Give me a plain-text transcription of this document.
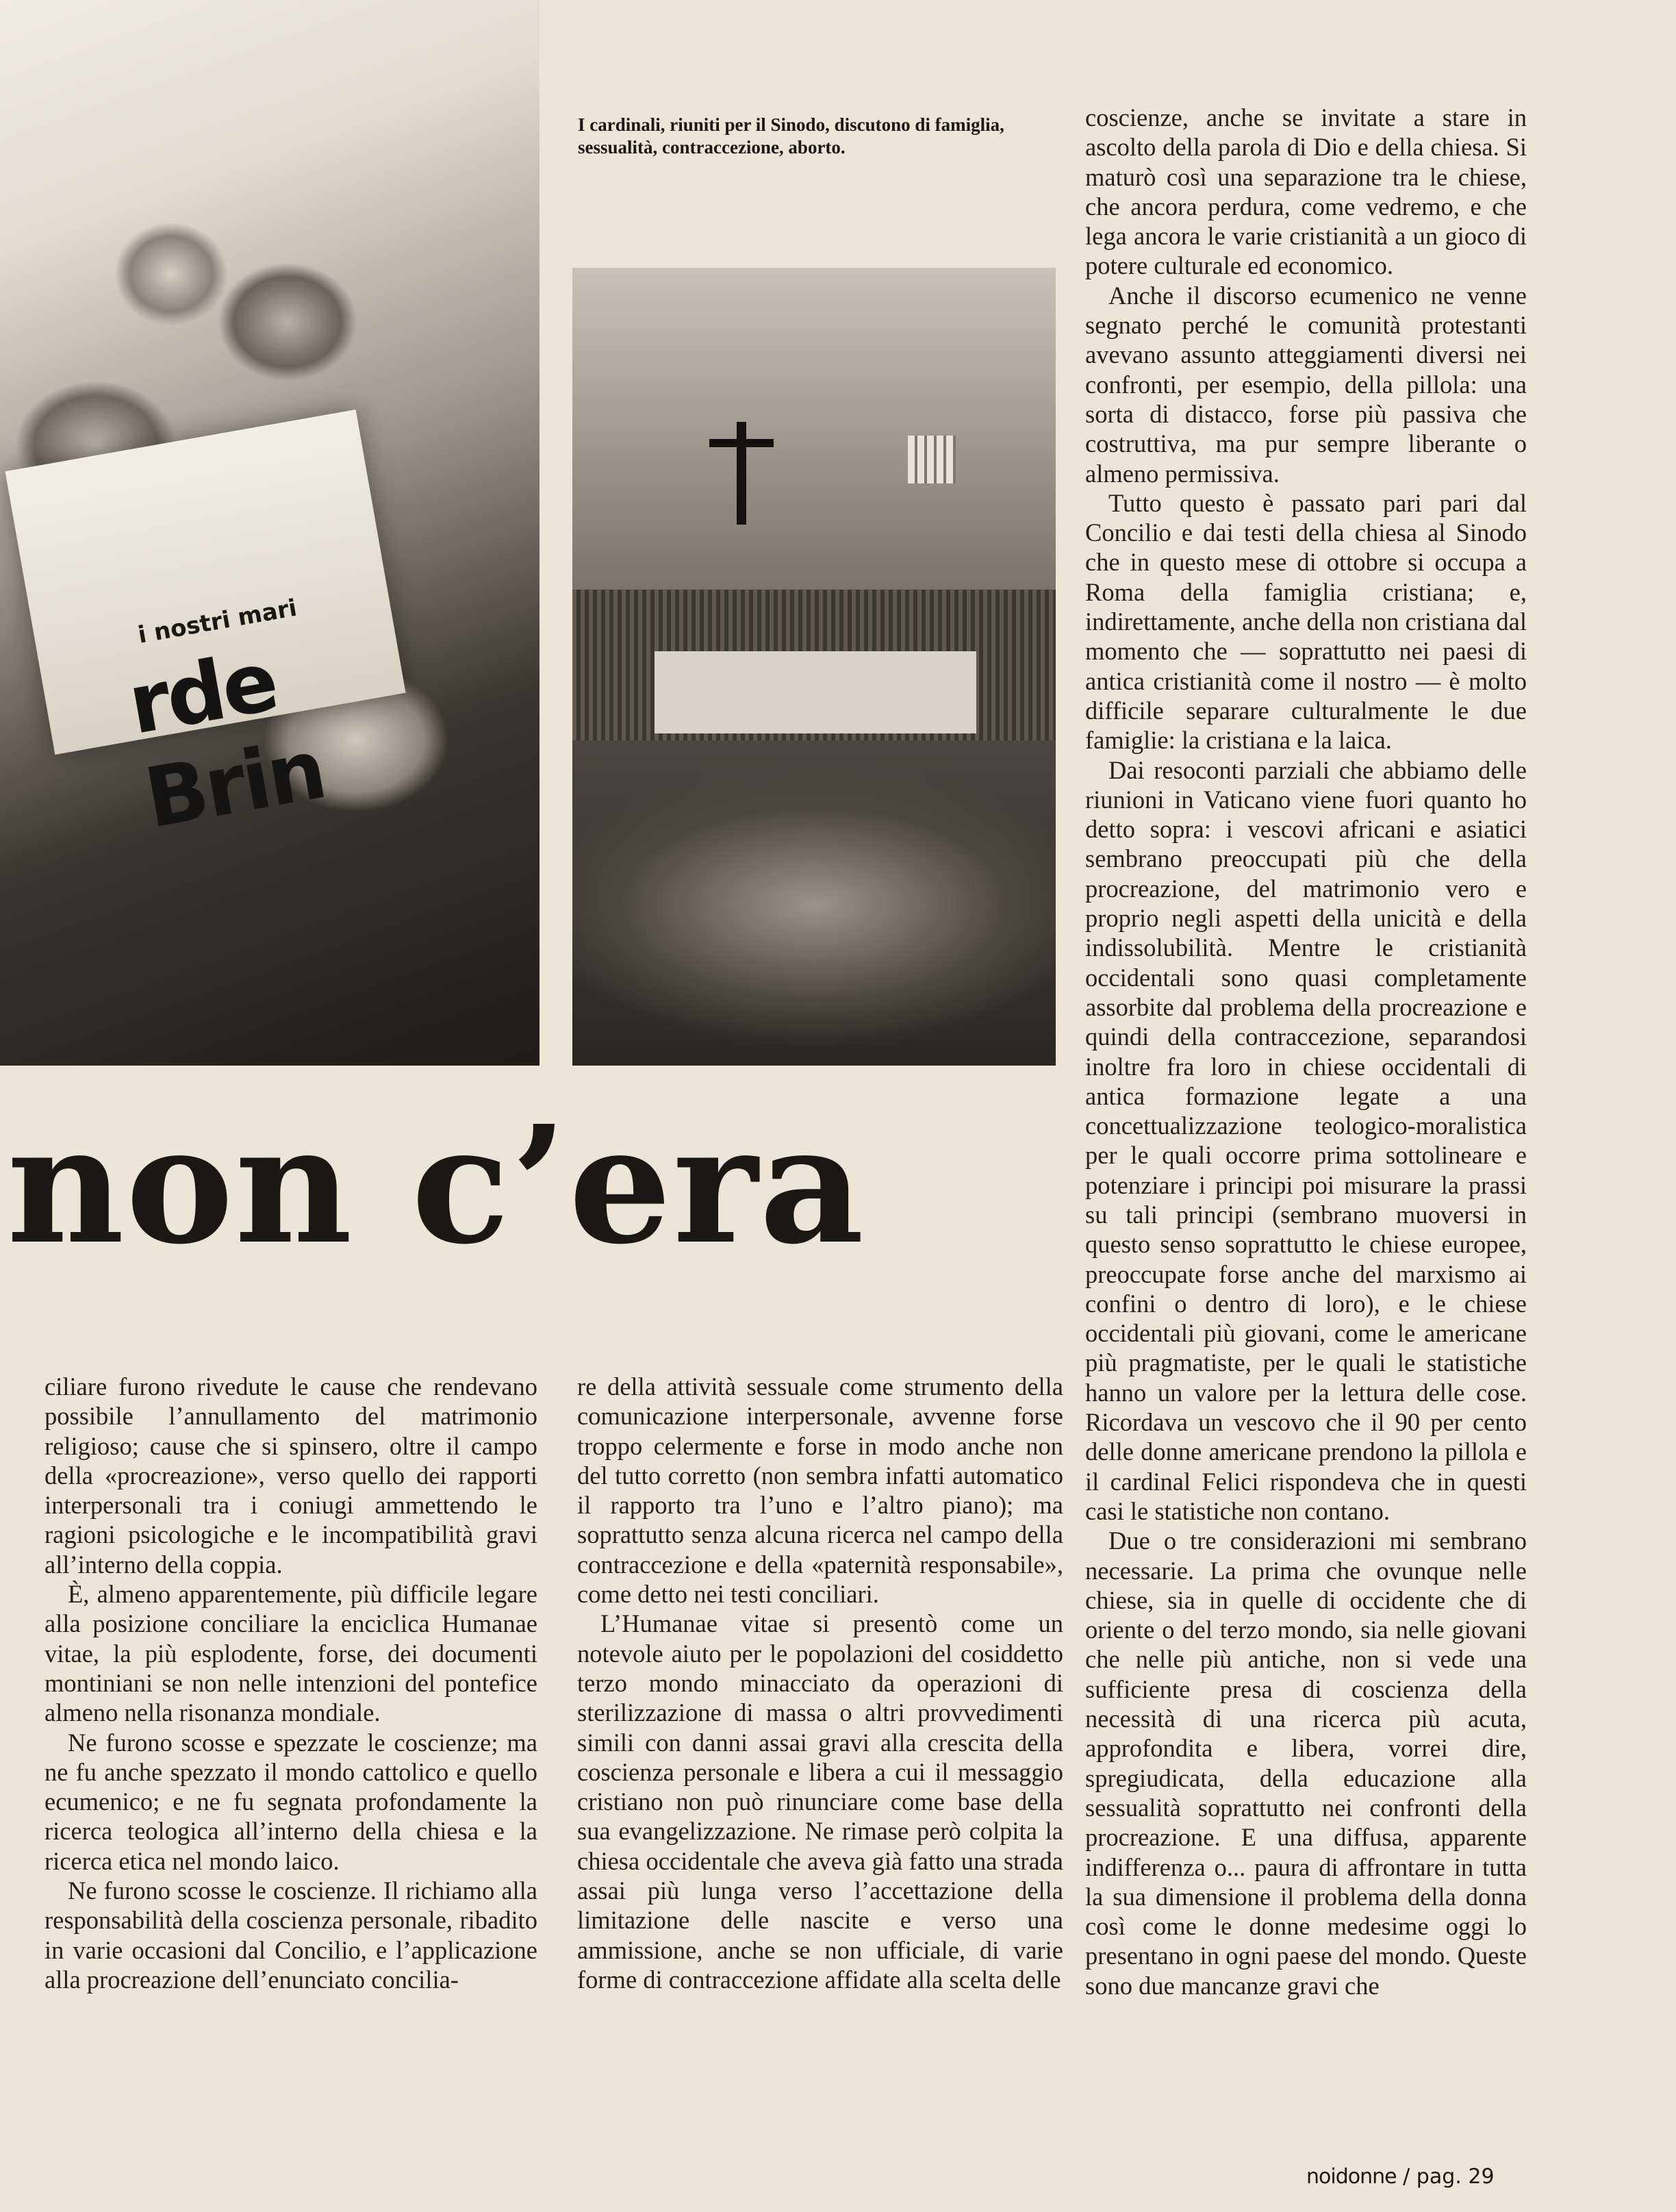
i nostri mari
rde Brin

I cardinali, riuniti per il Sinodo, discutono di famiglia, sessualità, contraccezione, aborto.

non c’era

coscienze, anche se invitate a stare in ascolto della parola di Dio e della chiesa. Si maturò così una separazione tra le chiese, che ancora perdura, come vedremo, e che lega ancora le varie cristianità a un gioco di potere culturale ed economico.

Anche il discorso ecumenico ne venne segnato perché le comunità protestanti avevano assunto atteggiamenti diversi nei confronti, per esempio, della pillola: una sorta di distacco, forse più passiva che costruttiva, ma pur sempre liberante o almeno permissiva.

Tutto questo è passato pari pari dal Concilio e dai testi della chiesa al Sinodo che in questo mese di ottobre si occupa a Roma della famiglia cristiana; e, indirettamente, anche della non cristiana dal momento che — soprattutto nei paesi di antica cristianità come il nostro — è molto difficile separare culturalmente le due famiglie: la cristiana e la laica.

Dai resoconti parziali che abbiamo delle riunioni in Vaticano viene fuori quanto ho detto sopra: i vescovi africani e asiatici sembrano preoccupati più che della procreazione, del matrimonio vero e proprio negli aspetti della unicità e della indissolubilità. Mentre le cristianità occidentali sono quasi completamente assorbite dal problema della procreazione e quindi della contraccezione, separandosi inoltre fra loro in chiese occidentali di antica formazione legate a una concettualizzazione teologico-moralistica per le quali occorre prima sottolineare e potenziare i principi poi misurare la prassi su tali principi (sembrano muoversi in questo senso soprattutto le chiese europee, preoccupate forse anche del marxismo ai confini o dentro di loro), e le chiese occidentali più giovani, come le americane più pragmatiste, per le quali le statistiche hanno un valore per la lettura delle cose. Ricordava un vescovo che il 90 per cento delle donne americane prendono la pillola e il cardinal Felici rispondeva che in questi casi le statistiche non contano.

Due o tre considerazioni mi sembrano necessarie. La prima che ovunque nelle chiese, sia in quelle di occidente che di oriente o del terzo mondo, sia nelle giovani che nelle più antiche, non si vede una sufficiente presa di coscienza della necessità di una ricerca più acuta, approfondita e libera, vorrei dire, spregiudicata, della educazione alla sessualità soprattutto nei confronti della procreazione. E una diffusa, apparente indifferenza o... paura di affrontare in tutta la sua dimensione il problema della donna così come le donne medesime oggi lo presentano in ogni paese del mondo. Queste sono due mancanze gravi che

ciliare furono rivedute le cause che rendevano possibile l’annullamento del matrimonio religioso; cause che si spinsero, oltre il campo della «procreazione», verso quello dei rapporti interpersonali tra i coniugi ammettendo le ragioni psicologiche e le incompatibilità gravi all’interno della coppia.

È, almeno apparentemente, più difficile legare alla posizione conciliare la enciclica Humanae vitae, la più esplodente, forse, dei documenti montiniani se non nelle intenzioni del pontefice almeno nella risonanza mondiale.

Ne furono scosse e spezzate le coscienze; ma ne fu anche spezzato il mondo cattolico e quello ecumenico; e ne fu segnata profondamente la ricerca teologica all’interno della chiesa e la ricerca etica nel mondo laico.

Ne furono scosse le coscienze. Il richiamo alla responsabilità della coscienza personale, ribadito in varie occasioni dal Concilio, e l’applicazione alla procreazione dell’enunciato concilia-

re della attività sessuale come strumento della comunicazione interpersonale, avvenne forse troppo celermente e forse in modo anche non del tutto corretto (non sembra infatti automatico il rapporto tra l’uno e l’altro piano); ma soprattutto senza alcuna ricerca nel campo della contraccezione e della «paternità responsabile», come detto nei testi conciliari.

L’Humanae vitae si presentò come un notevole aiuto per le popolazioni del cosiddetto terzo mondo minacciato da operazioni di sterilizzazione di massa o altri provvedimenti simili con danni assai gravi alla crescita della coscienza personale e libera a cui il messaggio cristiano non può rinunciare come base della sua evangelizzazione. Ne rimase però colpita la chiesa occidentale che aveva già fatto una strada assai più lunga verso l’accettazione della limitazione delle nascite e verso una ammissione, anche se non ufficiale, di varie forme di contraccezione affidate alla scelta delle

noidonne / pag. 29
